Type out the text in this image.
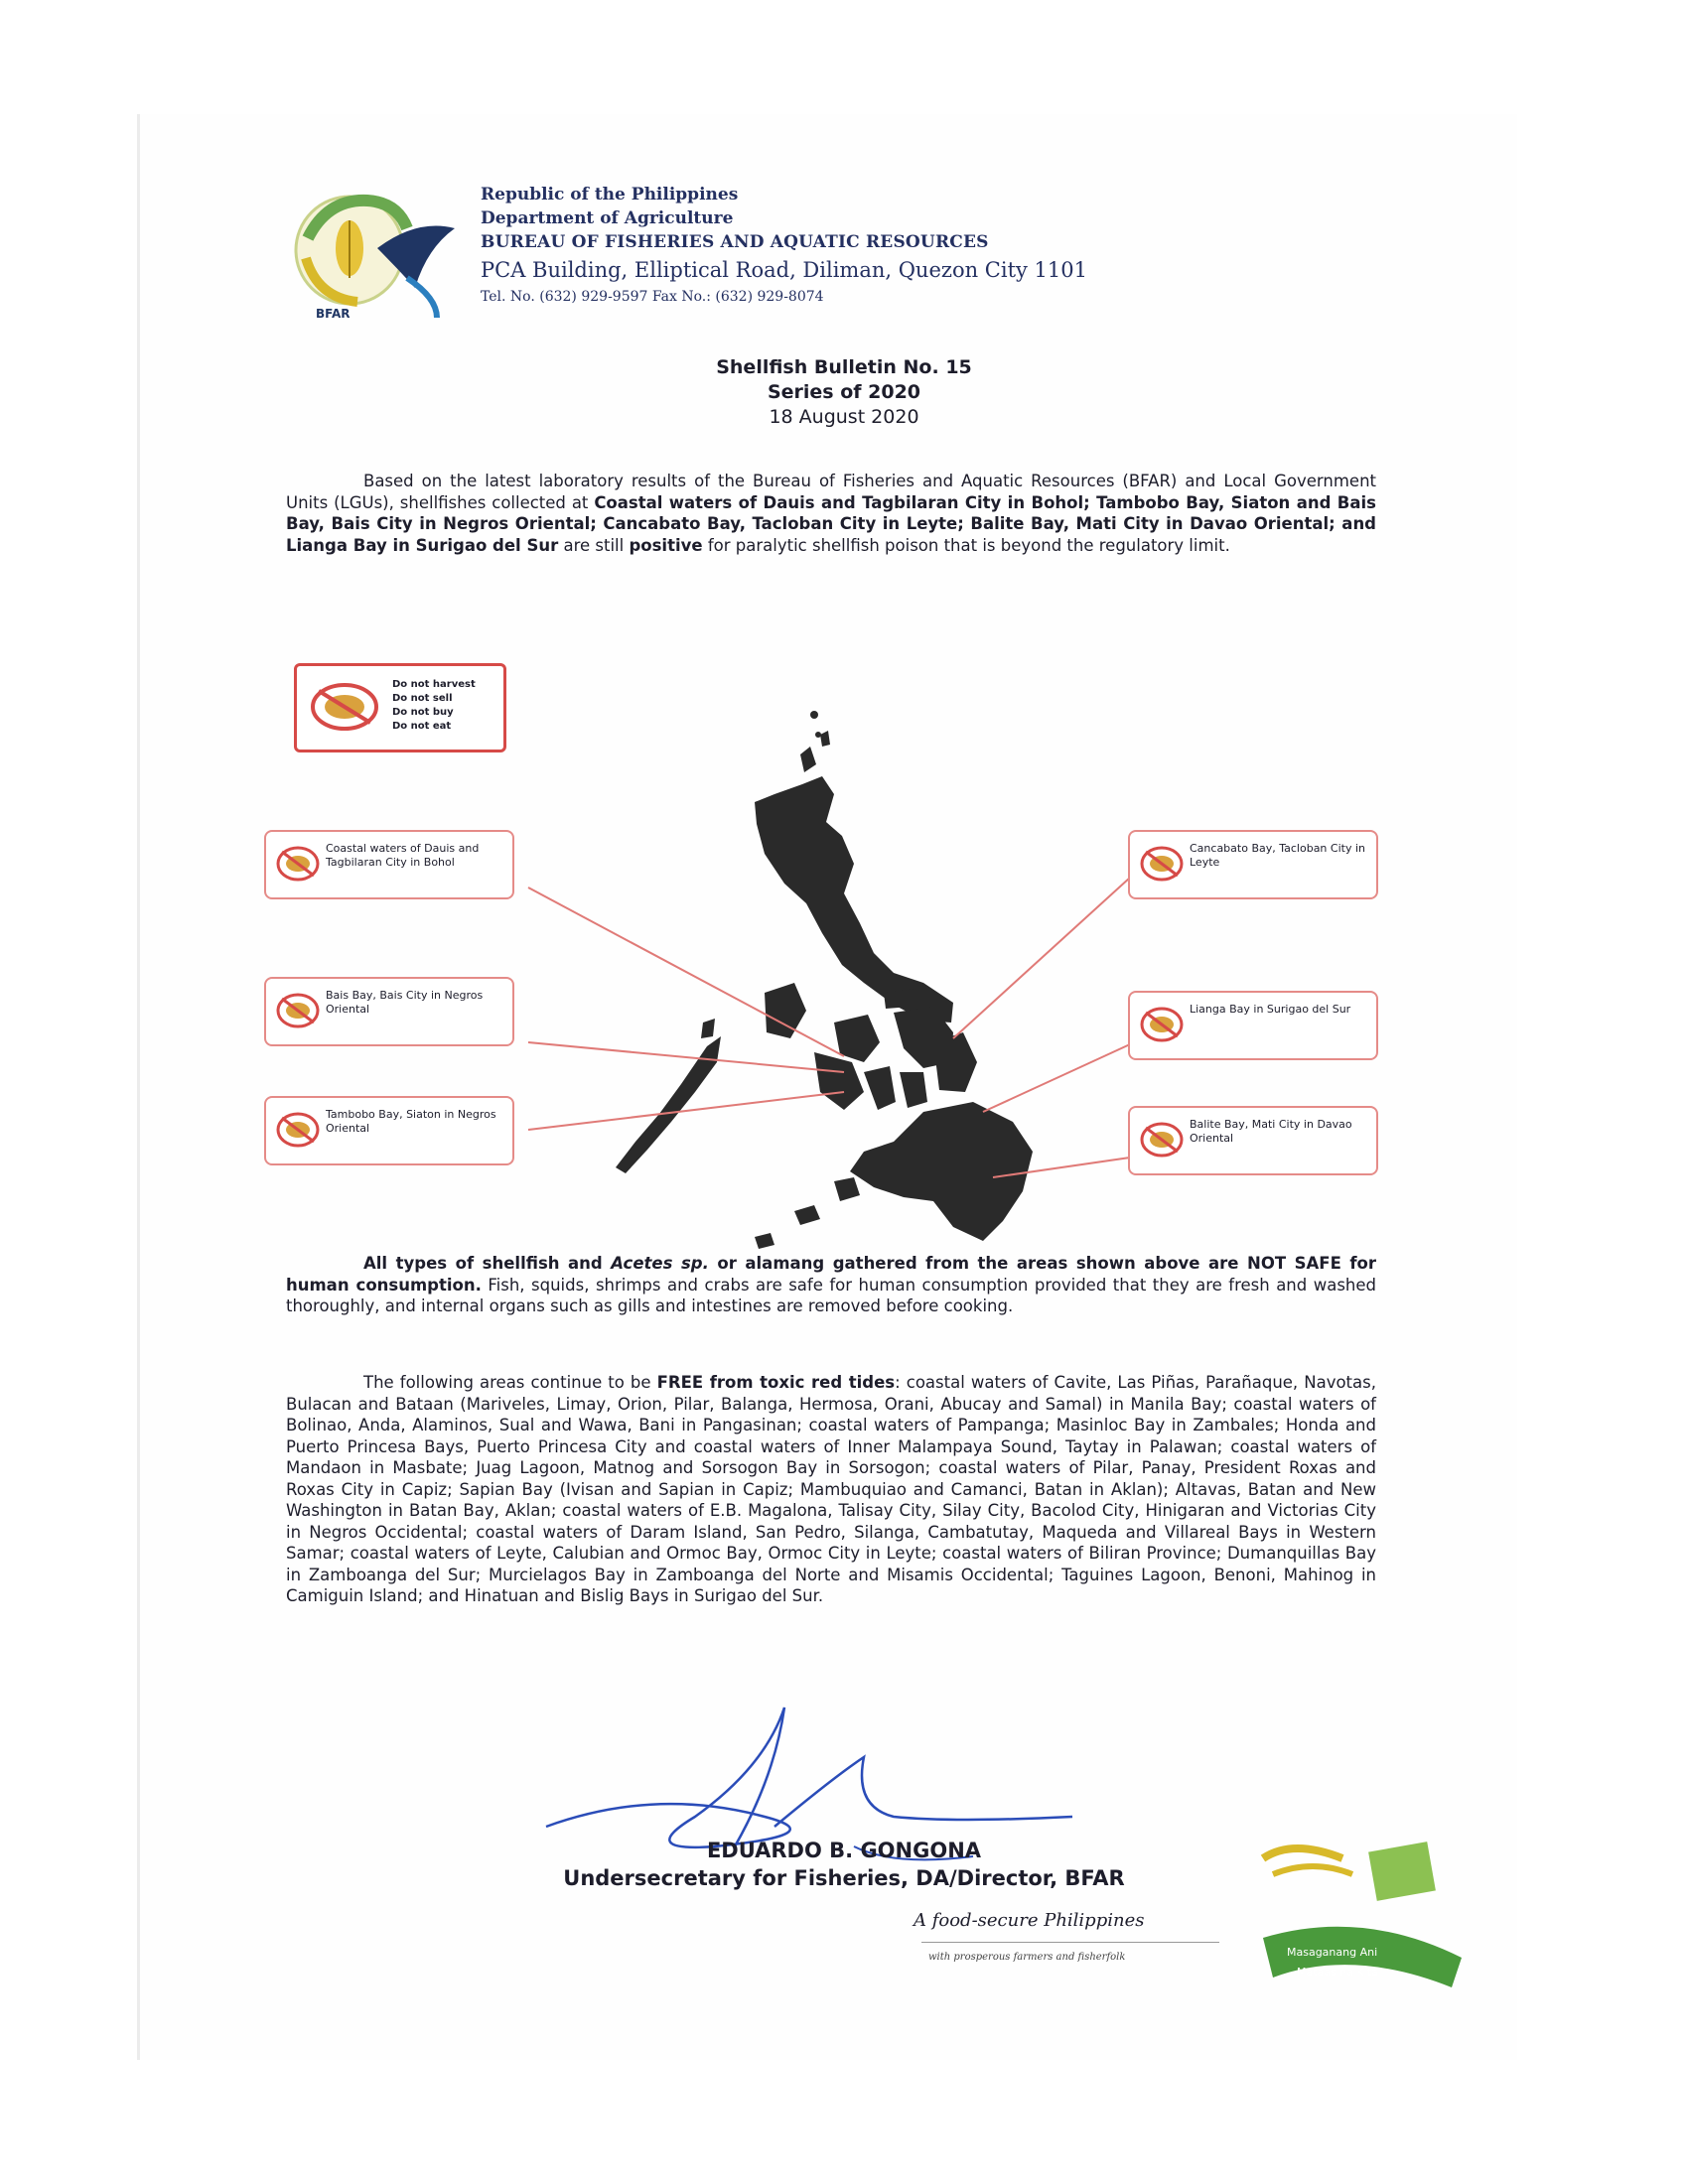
BFAR
Republic of the Philippines
Department of Agriculture
BUREAU OF FISHERIES AND AQUATIC RESOURCES
PCA Building, Elliptical Road, Diliman, Quezon City 1101
Tel. No. (632) 929-9597 Fax No.: (632) 929-8074
Shellfish Bulletin No. 15
Series of 2020
18 August 2020
Based on the latest laboratory results of the Bureau of Fisheries and Aquatic Resources (BFAR) and Local Government Units (LGUs), shellfishes collected at Coastal waters of Dauis and Tagbilaran City in Bohol; Tambobo Bay, Siaton and Bais Bay, Bais City in Negros Oriental; Cancabato Bay, Tacloban City in Leyte; Balite Bay, Mati City in Davao Oriental; and Lianga Bay in Surigao del Sur are still positive for paralytic shellfish poison that is beyond the regulatory limit.
Do not harvest
Do not sell
Do not buy
Do not eat
Coastal waters of Dauis and Tagbilaran City in Bohol
Bais Bay, Bais City in Negros Oriental
Tambobo Bay, Siaton in Negros Oriental
Cancabato Bay, Tacloban City in Leyte
Lianga Bay in Surigao del Sur
Balite Bay, Mati City in Davao Oriental
All types of shellfish and Acetes sp. or alamang gathered from the areas shown above are NOT SAFE for human consumption. Fish, squids, shrimps and crabs are safe for human consumption provided that they are fresh and washed thoroughly, and internal organs such as gills and intestines are removed before cooking.
The following areas continue to be FREE from toxic red tides: coastal waters of Cavite, Las Piñas, Parañaque, Navotas, Bulacan and Bataan (Mariveles, Limay, Orion, Pilar, Balanga, Hermosa, Orani, Abucay and Samal) in Manila Bay; coastal waters of Bolinao, Anda, Alaminos, Sual and Wawa, Bani in Pangasinan; coastal waters of Pampanga; Masinloc Bay in Zambales; Honda and Puerto Princesa Bays, Puerto Princesa City and coastal waters of Inner Malampaya Sound, Taytay in Palawan; coastal waters of Mandaon in Masbate; Juag Lagoon, Matnog and Sorsogon Bay in Sorsogon; coastal waters of Pilar, Panay, President Roxas and Roxas City in Capiz; Sapian Bay (Ivisan and Sapian in Capiz; Mambuquiao and Camanci, Batan in Aklan); Altavas, Batan and New Washington in Batan Bay, Aklan; coastal waters of E.B. Magalona, Talisay City, Silay City, Bacolod City, Hinigaran and Victorias City in Negros Occidental; coastal waters of Daram Island, San Pedro, Silanga, Cambatutay, Maqueda and Villareal Bays in Western Samar; coastal waters of Leyte, Calubian and Ormoc Bay, Ormoc City in Leyte; coastal waters of Biliran Province; Dumanquillas Bay in Zamboanga del Sur; Murcielagos Bay in Zamboanga del Norte and Misamis Occidental; Taguines Lagoon, Benoni, Mahinog in Camiguin Island; and Hinatuan and Bislig Bays in Surigao del Sur.
EDUARDO B. GONGONA
Undersecretary for Fisheries, DA/Director, BFAR
A food-secure Philippines
with prosperous farmers and fisherfolk	Masaganang Ani
Mataas na Kita
